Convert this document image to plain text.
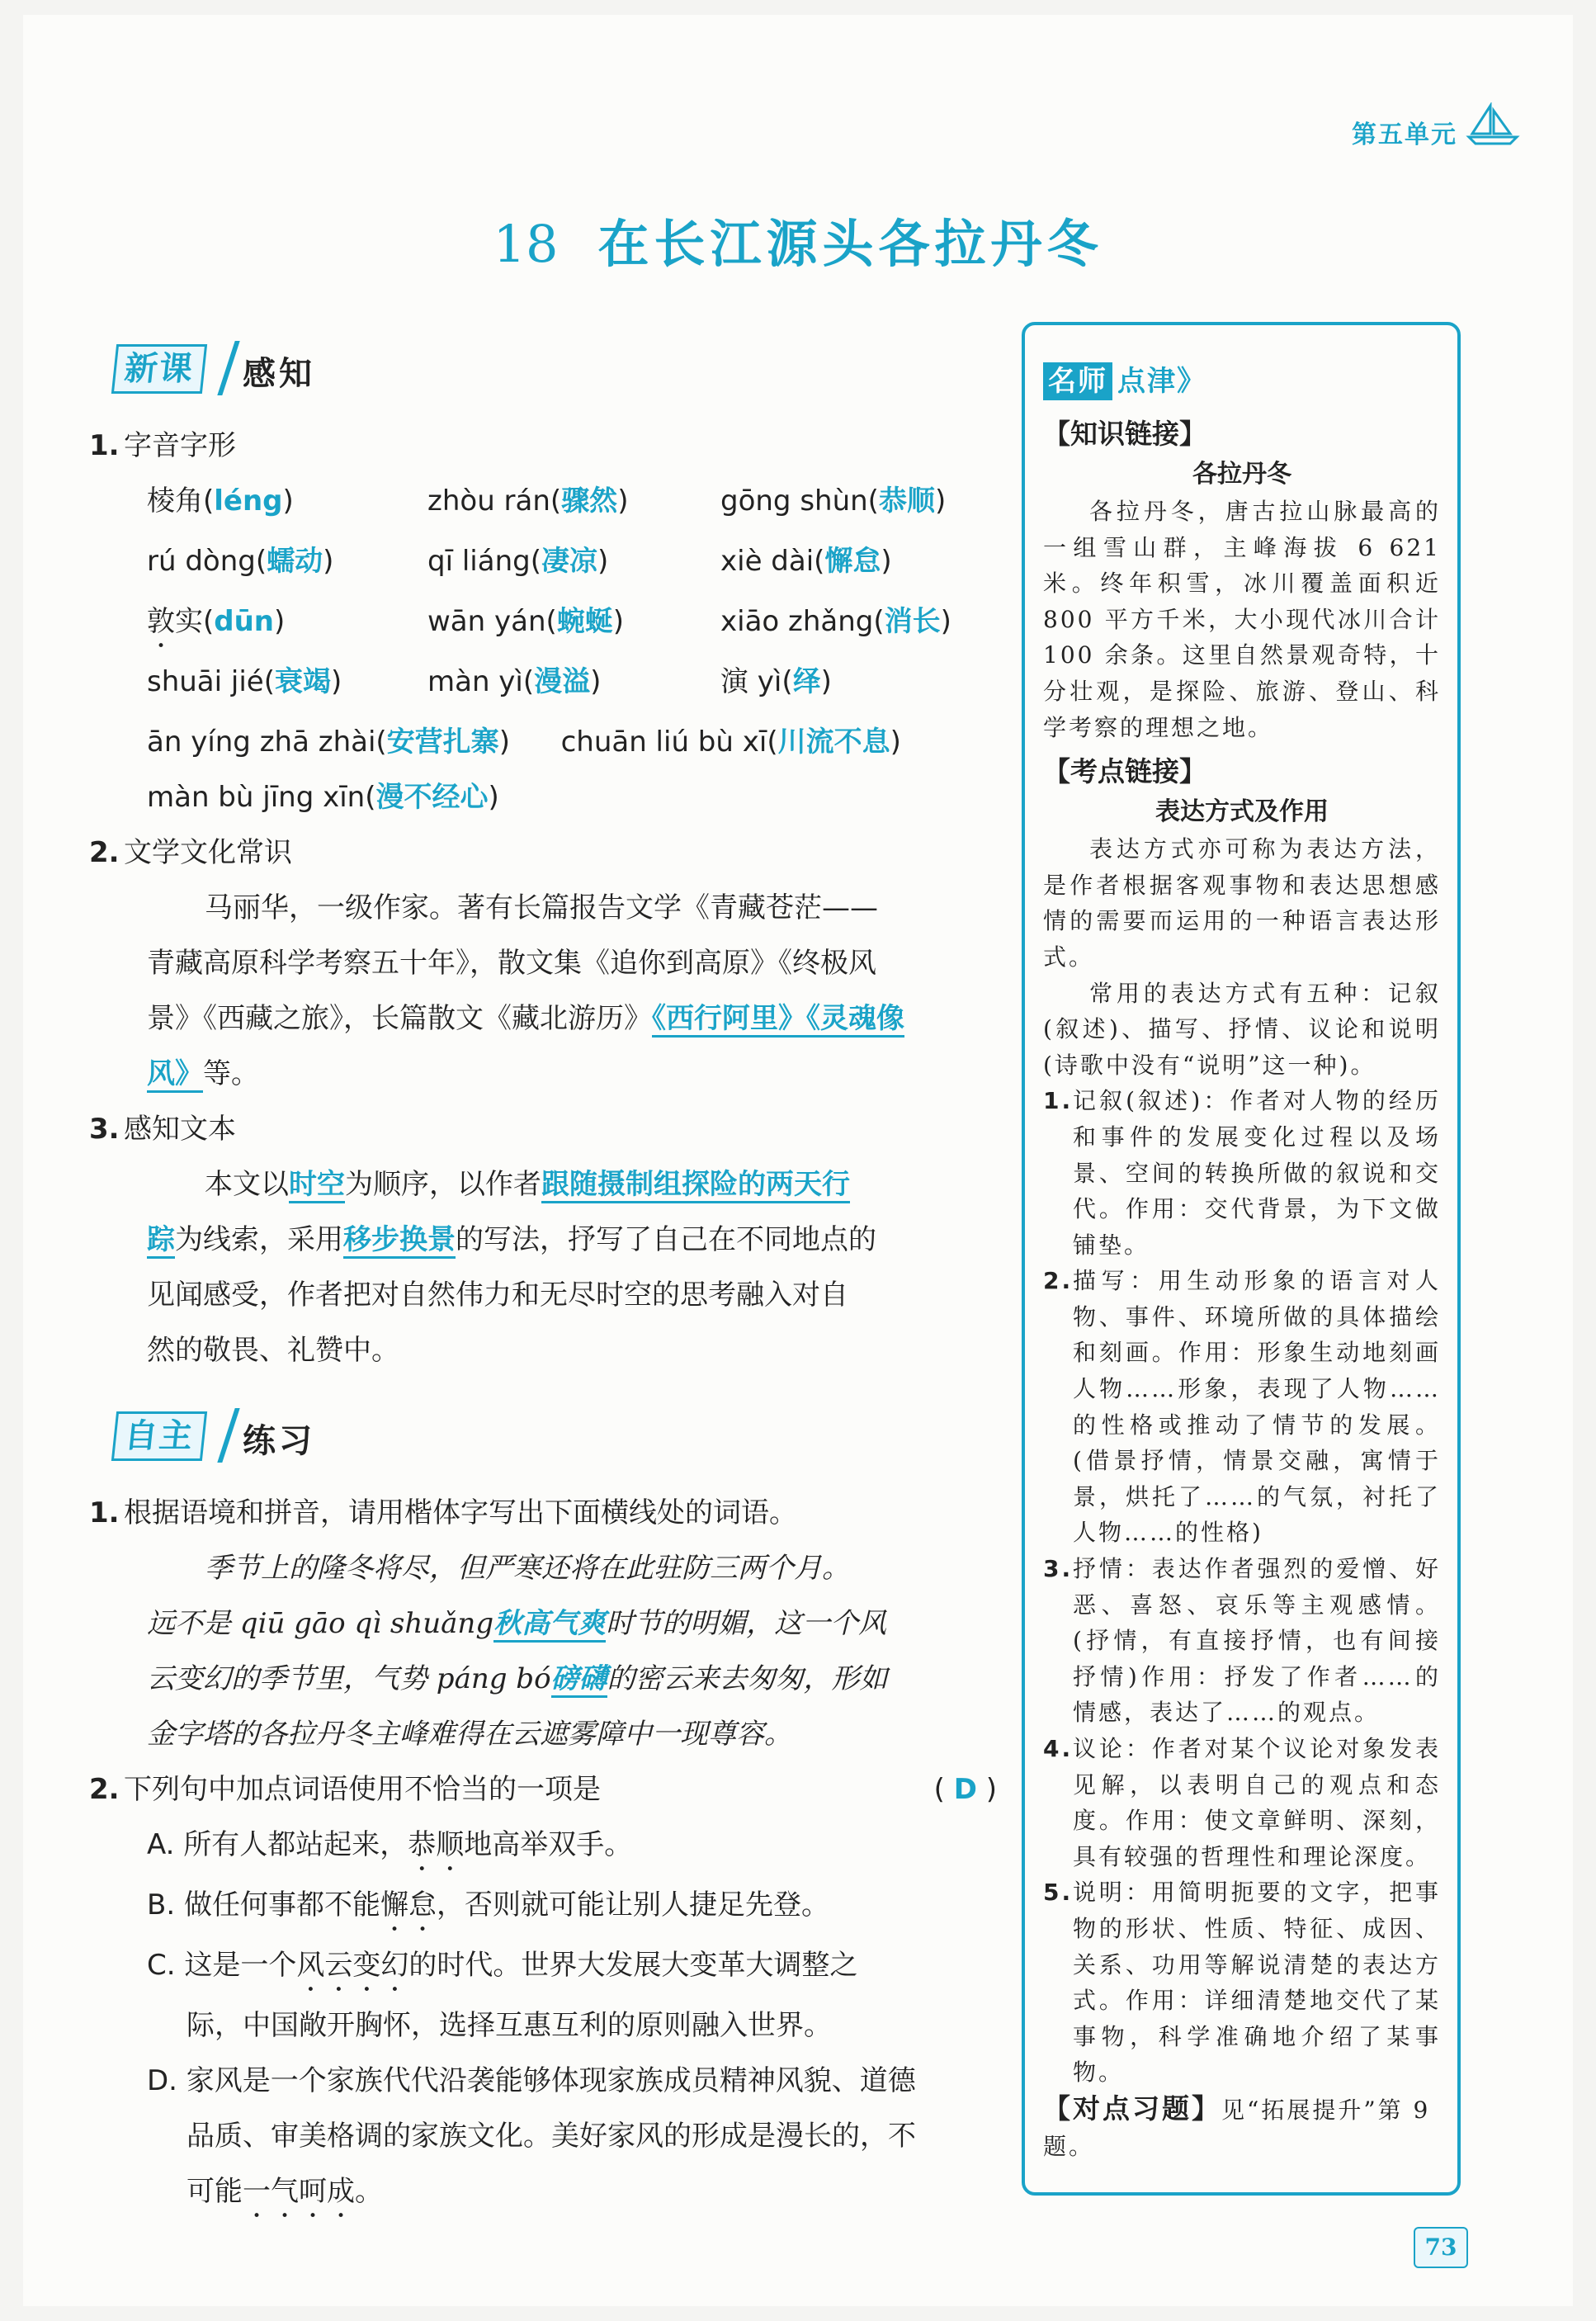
第五单元
18 在长江源头各拉丹冬
新课	感知
1. 字音字形
棱角(léng)	zhòu rán(骤然)	gōng shùn(恭顺)
rú dòng(蠕动)	qī liáng(凄凉)	xiè dài(懈怠)
敦实(dūn)	wān yán(蜿蜒)	xiāo zhǎng(消长)
shuāi jié(衰竭)	màn yì(漫溢)	演 yì(绎)
ān yíng zhā zhài(安营扎寨) chuān liú bù xī(川流不息)
màn bù jīng xīn(漫不经心)
2. 文学文化常识
马丽华，一级作家。著有长篇报告文学《青藏苍茫——
青藏高原科学考察五十年》，散文集《追你到高原》《终极风
景》《西藏之旅》，长篇散文《藏北游历》《西行阿里》《灵魂像
风》等。
3. 感知文本
本文以时空为顺序，以作者跟随摄制组探险的两天行
踪为线索，采用移步换景的写法，抒写了自己在不同地点的
见闻感受，作者把对自然伟力和无尽时空的思考融入对自
然的敬畏、礼赞中。
自主	练习
1. 根据语境和拼音，请用楷体字写出下面横线处的词语。
季节上的隆冬将尽，但严寒还将在此驻防三两个月。
远不是 qiū gāo qì shuǎng秋高气爽时节的明媚，这一个风
云变幻的季节里，气势 páng bó磅礴的密云来去匆匆，形如
金字塔的各拉丹冬主峰难得在云遮雾障中一现尊容。
2. 下列句中加点词语使用不恰当的一项是	( D )
A. 所有人都站起来，恭顺地高举双手。
B. 做任何事都不能懈怠，否则就可能让别人捷足先登。
C. 这是一个风云变幻的时代。世界大发展大变革大调整之
际，中国敞开胸怀，选择互惠互利的原则融入世界。
D. 家风是一个家族代代沿袭能够体现家族成员精神风貌、道德
品质、审美格调的家族文化。美好家风的形成是漫长的，不
可能一气呵成。
名师 点津》
【知识链接】
各拉丹冬
各拉丹冬，唐古拉山脉最高的一组雪山群，主峰海拔 6 621 米。终年积雪，冰川覆盖面积近 800 平方千米，大小现代冰川合计 100 余条。这里自然景观奇特，十分壮观，是探险、旅游、登山、科学考察的理想之地。
【考点链接】
表达方式及作用
表达方式亦可称为表达方法，是作者根据客观事物和表达思想感情的需要而运用的一种语言表达形式。
常用的表达方式有五种：记叙(叙述)、描写、抒情、议论和说明(诗歌中没有“说明”这一种)。
1. 记叙(叙述)：作者对人物的经历和事件的发展变化过程以及场景、空间的转换所做的叙说和交代。作用：交代背景，为下文做铺垫。
2. 描写：用生动形象的语言对人物、事件、环境所做的具体描绘和刻画。作用：形象生动地刻画人物……形象，表现了人物……的性格或推动了情节的发展。(借景抒情，情景交融，寓情于景，烘托了……的气氛，衬托了人物……的性格)
3. 抒情：表达作者强烈的爱憎、好恶、喜怒、哀乐等主观感情。(抒情，有直接抒情，也有间接抒情)作用：抒发了作者……的情感，表达了……的观点。
4. 议论：作者对某个议论对象发表见解，以表明自己的观点和态度。作用：使文章鲜明、深刻，具有较强的哲理性和理论深度。
5. 说明：用简明扼要的文字，把事物的形状、性质、特征、成因、关系、功用等解说清楚的表达方式。作用：详细清楚地交代了某事物，科学准确地介绍了某事物。
【对点习题】见“拓展提升”第 9 题。
73
